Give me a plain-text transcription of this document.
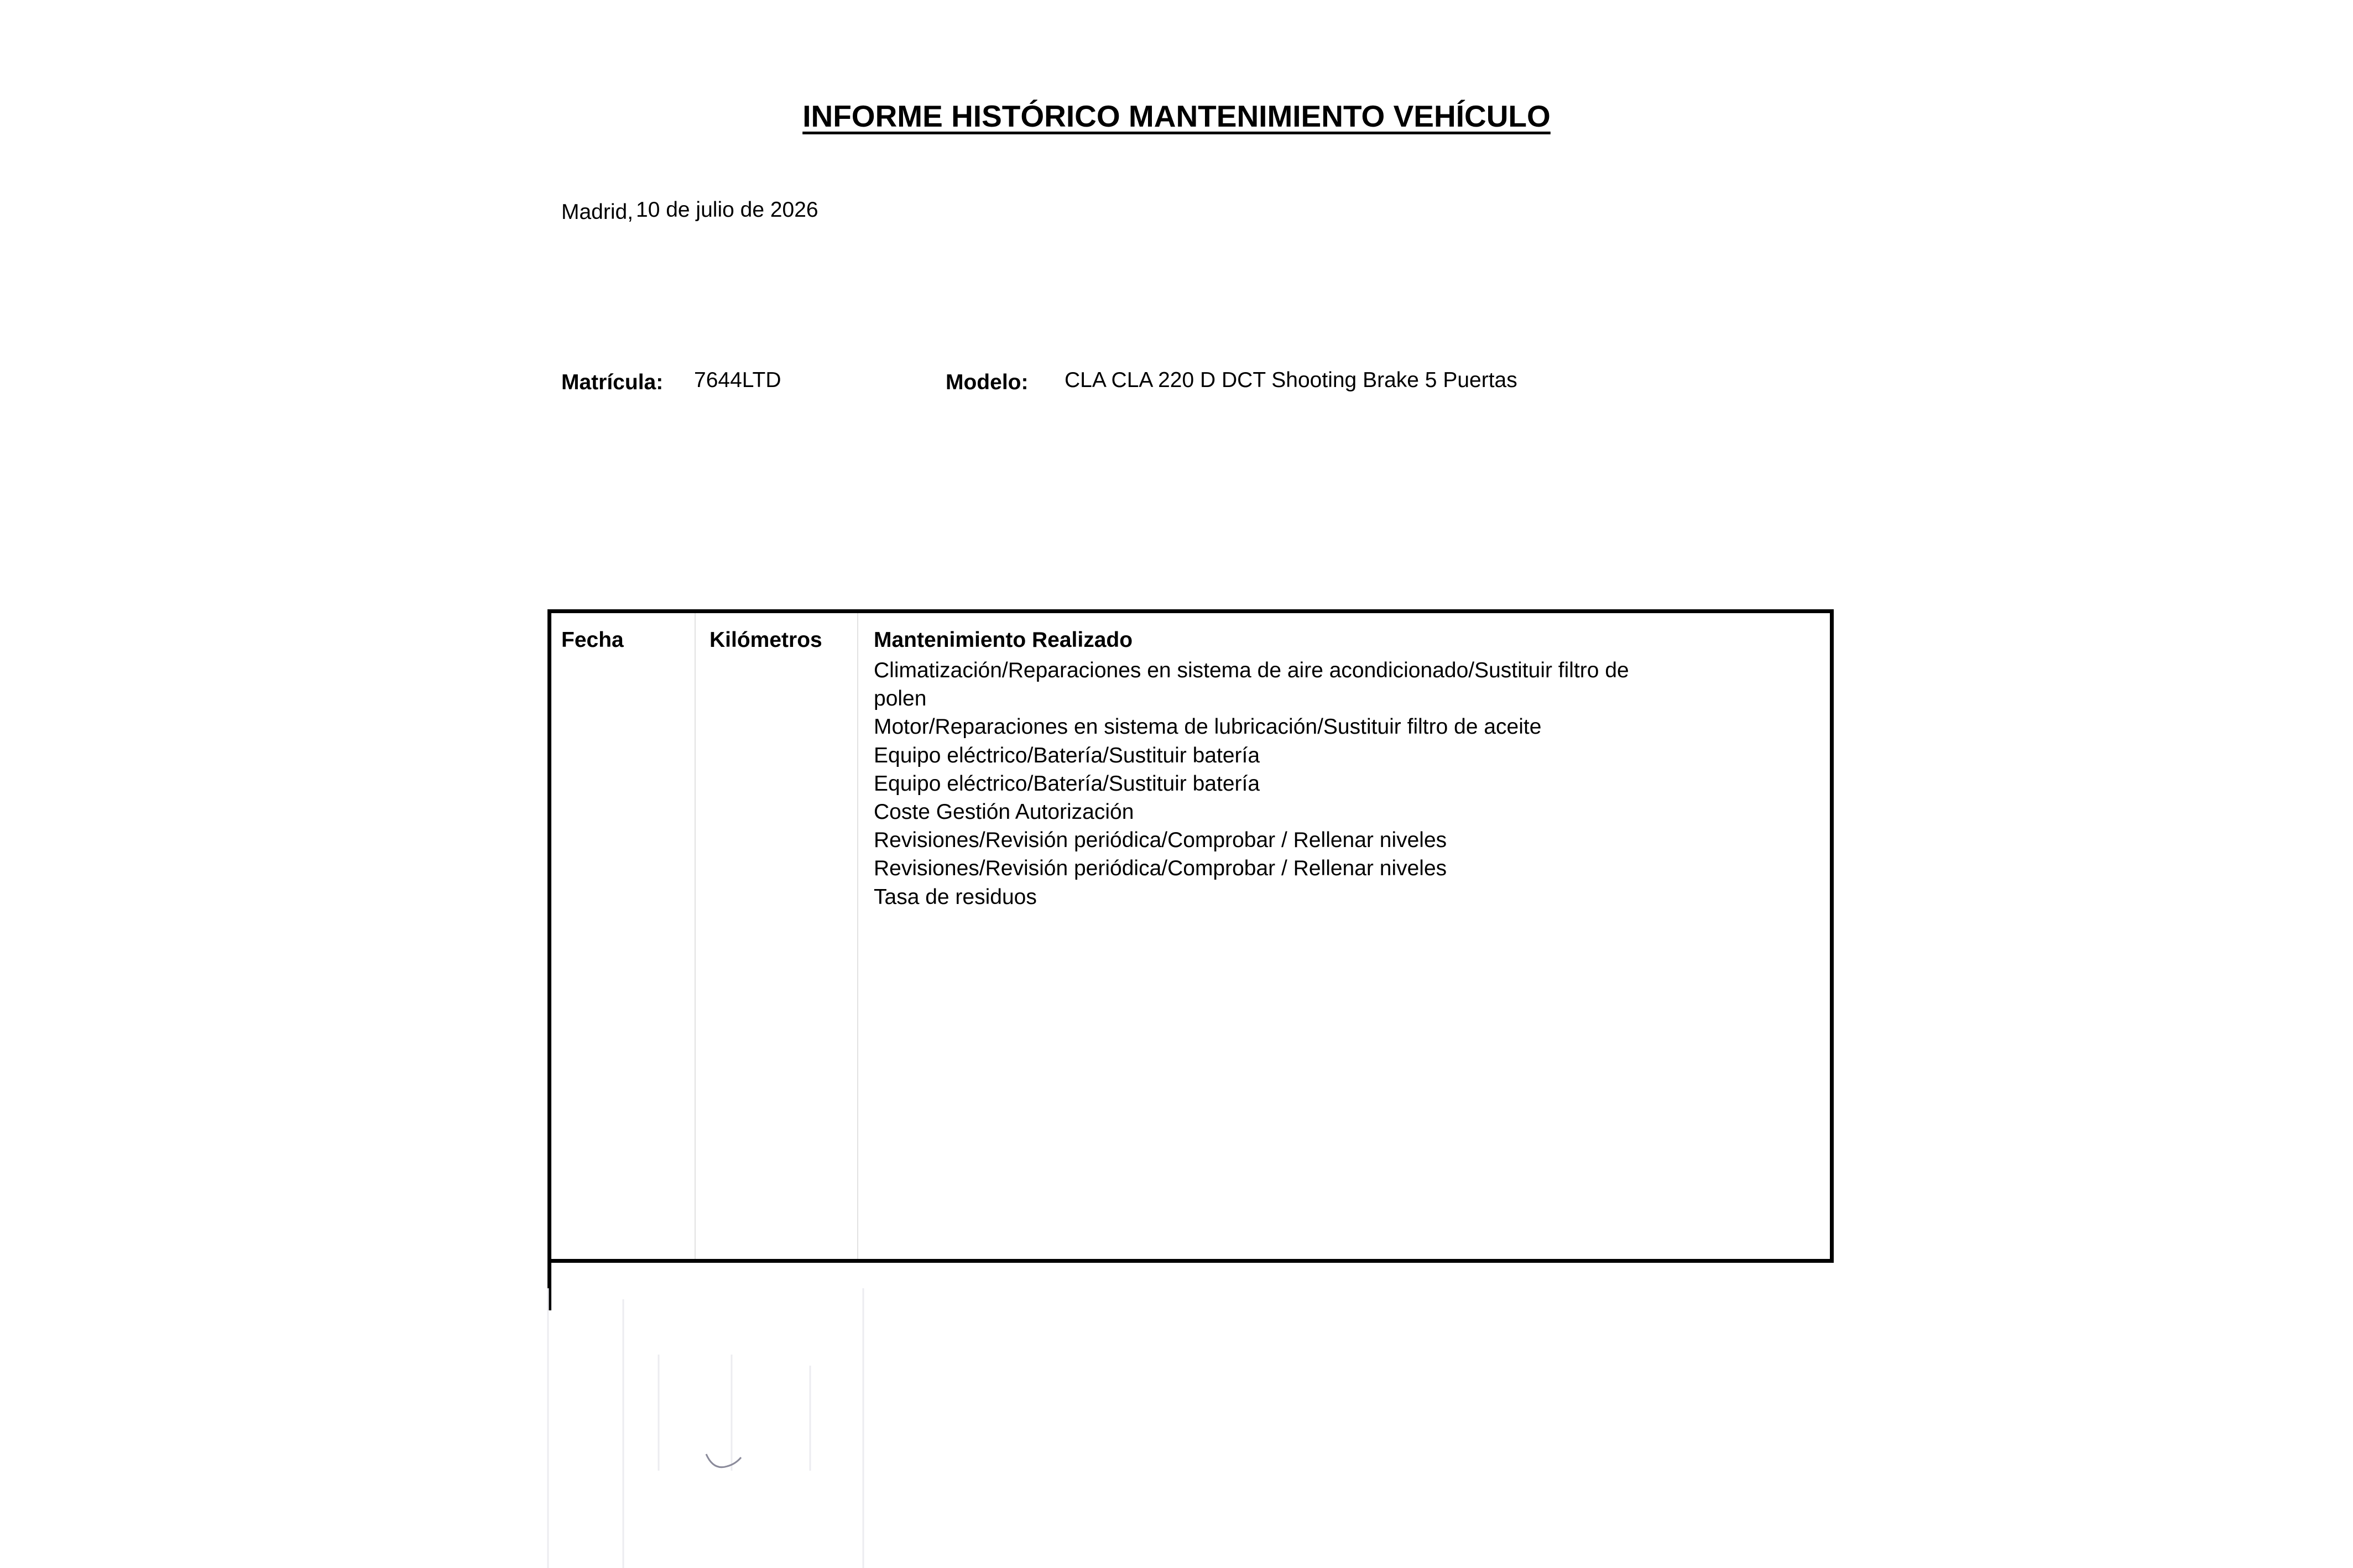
INFORME HISTÓRICO MANTENIMIENTO VEHÍCULO
Madrid, 10 de julio de 2026
Matrícula: 7644LTD	Modelo: CLA CLA 220 D DCT Shooting Brake 5 Puertas
Fecha	Kilómetros Mantenimiento Realizado
Climatización/Reparaciones en sistema de aire acondicionado/Sustituir filtro de polen
Motor/Reparaciones en sistema de lubricación/Sustituir filtro de aceite
Equipo eléctrico/Batería/Sustituir batería
Equipo eléctrico/Batería/Sustituir batería
Coste Gestión Autorización
Revisiones/Revisión periódica/Comprobar / Rellenar niveles
Revisiones/Revisión periódica/Comprobar / Rellenar niveles
Tasa de residuos
